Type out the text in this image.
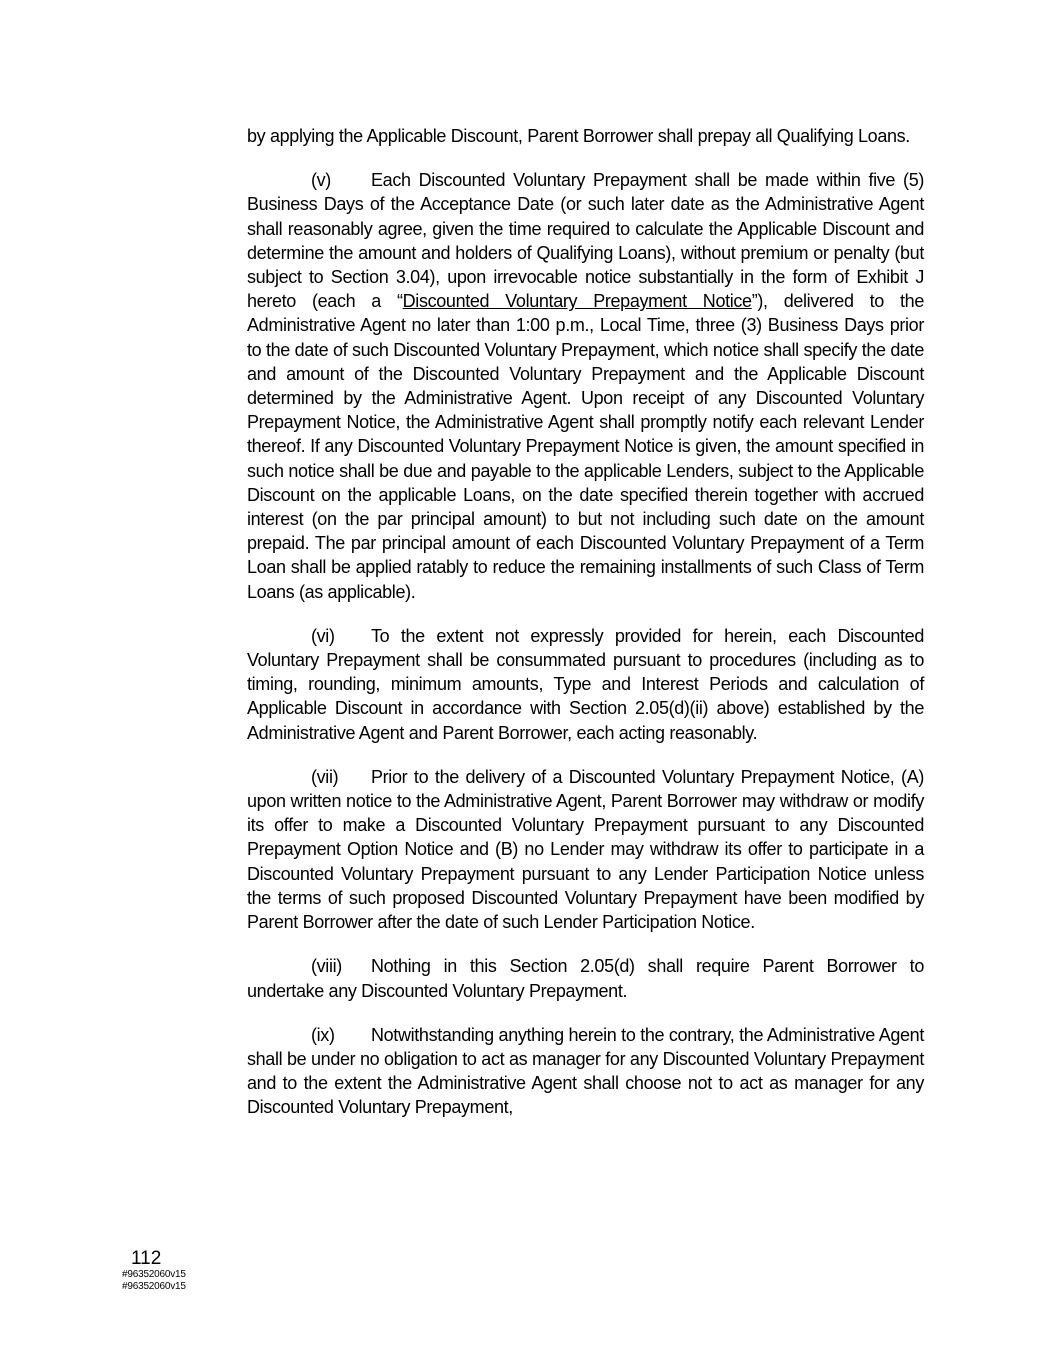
by applying the Applicable Discount, Parent Borrower shall prepay all Qualifying Loans.

(v) Each Discounted Voluntary Prepayment shall be made within five (5) Business Days of the Acceptance Date (or such later date as the Administrative Agent shall reasonably agree, given the time required to calculate the Applicable Discount and determine the amount and holders of Qualifying Loans), without premium or penalty (but subject to Section 3.04), upon irrevocable notice substantially in the form of Exhibit J hereto (each a “Discounted Voluntary Prepayment Notice”), delivered to the Administrative Agent no later than 1:00 p.m., Local Time, three (3) Business Days prior to the date of such Discounted Voluntary Prepayment, which notice shall specify the date and amount of the Discounted Voluntary Prepayment and the Applicable Discount determined by the Administrative Agent. Upon receipt of any Discounted Voluntary Prepayment Notice, the Administrative Agent shall promptly notify each relevant Lender thereof. If any Discounted Voluntary Prepayment Notice is given, the amount specified in such notice shall be due and payable to the applicable Lenders, subject to the Applicable Discount on the applicable Loans, on the date specified therein together with accrued interest (on the par principal amount) to but not including such date on the amount prepaid. The par principal amount of each Discounted Voluntary Prepayment of a Term Loan shall be applied ratably to reduce the remaining installments of such Class of Term Loans (as applicable).

(vi) To the extent not expressly provided for herein, each Discounted Voluntary Prepayment shall be consummated pursuant to procedures (including as to timing, rounding, minimum amounts, Type and Interest Periods and calculation of Applicable Discount in accordance with Section 2.05(d)(ii) above) established by the Administrative Agent and Parent Borrower, each acting reasonably.

(vii) Prior to the delivery of a Discounted Voluntary Prepayment Notice, (A) upon written notice to the Administrative Agent, Parent Borrower may withdraw or modify its offer to make a Discounted Voluntary Prepayment pursuant to any Discounted Prepayment Option Notice and (B) no Lender may withdraw its offer to participate in a Discounted Voluntary Prepayment pursuant to any Lender Participation Notice unless the terms of such proposed Discounted Voluntary Prepayment have been modified by Parent Borrower after the date of such Lender Participation Notice.

(viii) Nothing in this Section 2.05(d) shall require Parent Borrower to undertake any Discounted Voluntary Prepayment.

(ix) Notwithstanding anything herein to the contrary, the Administrative Agent shall be under no obligation to act as manager for any Discounted Voluntary Prepayment and to the extent the Administrative Agent shall choose not to act as manager for any Discounted Voluntary Prepayment,

112
#96352060v15
#96352060v15
